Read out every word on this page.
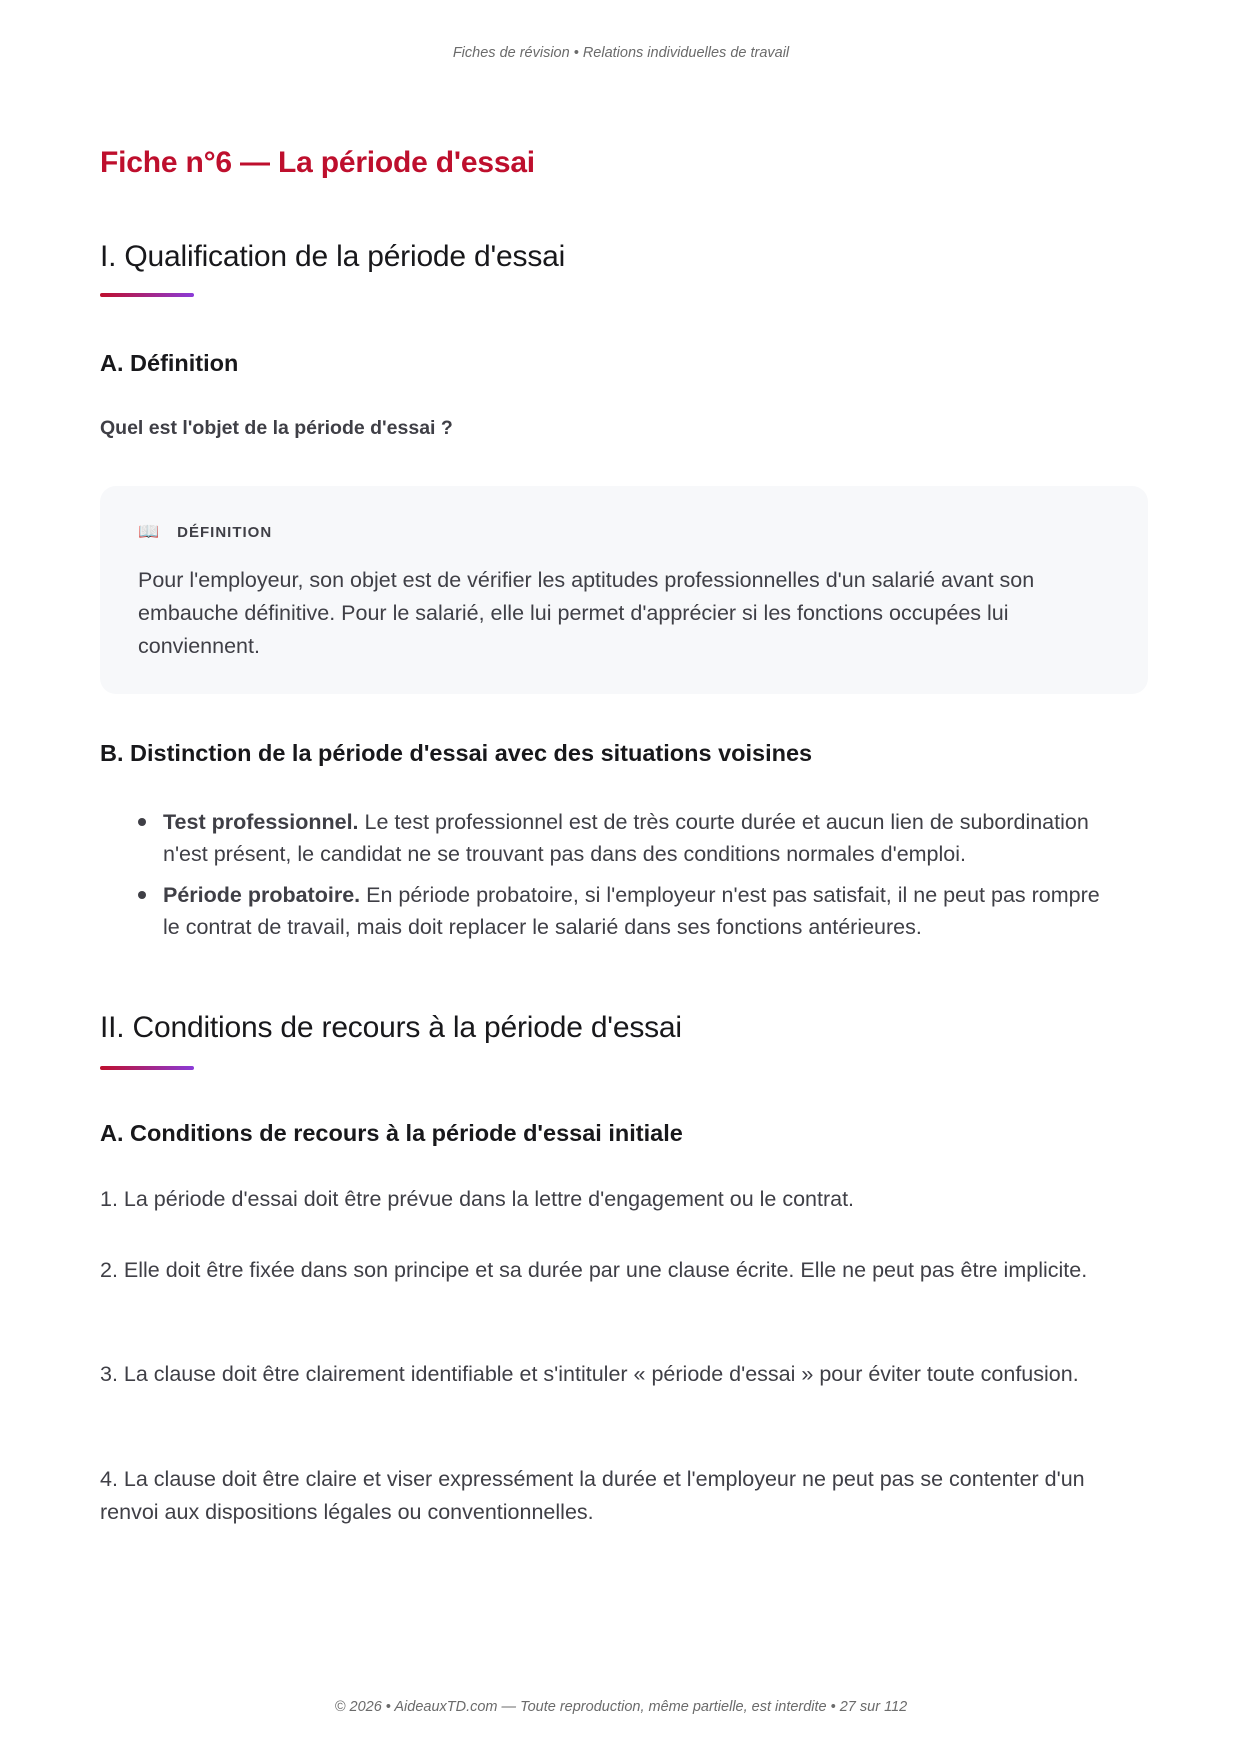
Fiches de révision • Relations individuelles de travail
Fiche n°6 — La période d'essai
I. Qualification de la période d'essai
A. Définition

Quel est l'objet de la période d'essai ?

📖 DÉFINITION

Pour l'employeur, son objet est de vérifier les aptitudes professionnelles d'un salarié avant son embauche définitive. Pour le salarié, elle lui permet d'apprécier si les fonctions occupées lui conviennent.

B. Distinction de la période d'essai avec des situations voisines
Test professionnel. Le test professionnel est de très courte durée et aucun lien de subordination n'est présent, le candidat ne se trouvant pas dans des conditions normales d'emploi.
Période probatoire. En période probatoire, si l'employeur n'est pas satisfait, il ne peut pas rompre le contrat de travail, mais doit replacer le salarié dans ses fonctions antérieures.
II. Conditions de recours à la période d'essai
A. Conditions de recours à la période d'essai initiale

1. La période d'essai doit être prévue dans la lettre d'engagement ou le contrat.

2. Elle doit être fixée dans son principe et sa durée par une clause écrite. Elle ne peut pas être implicite.

3. La clause doit être clairement identifiable et s'intituler « période d'essai » pour éviter toute confusion.

4. La clause doit être claire et viser expressément la durée et l'employeur ne peut pas se contenter d'un renvoi aux dispositions légales ou conventionnelles.

© 2026 • AideauxTD.com — Toute reproduction, même partielle, est interdite • 27 sur 112
